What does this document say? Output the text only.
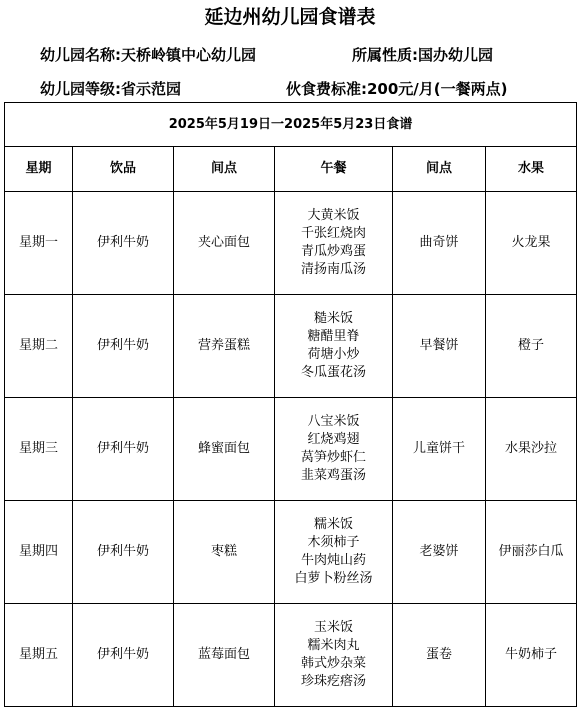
延边州幼儿园食谱表
幼儿园名称:天桥岭镇中心幼儿园	所属性质:国办幼儿园
幼儿园等级:省示范园	伙食费标准:200元/月(一餐两点)
2025年5月19日一2025年5月23日食谱					
星期	饮品	间点	午餐	间点	水果
星期一	伊利牛奶	夹心面包	大黄米饭
千张红烧肉
青瓜炒鸡蛋
清扬南瓜汤	曲奇饼	火龙果
星期二	伊利牛奶	营养蛋糕	糙米饭
糖醋里脊
荷塘小炒
冬瓜蛋花汤	早餐饼	橙子
星期三	伊利牛奶	蜂蜜面包	八宝米饭
红烧鸡翅
莴笋炒虾仁
韭菜鸡蛋汤	儿童饼干	水果沙拉
星期四	伊利牛奶	枣糕	糯米饭
木须柿子
牛肉炖山药
白萝卜粉丝汤	老婆饼	伊丽莎白瓜
星期五	伊利牛奶	蓝莓面包	玉米饭
糯米肉丸
韩式炒杂菜
珍珠疙瘩汤	蛋卷	牛奶柿子
